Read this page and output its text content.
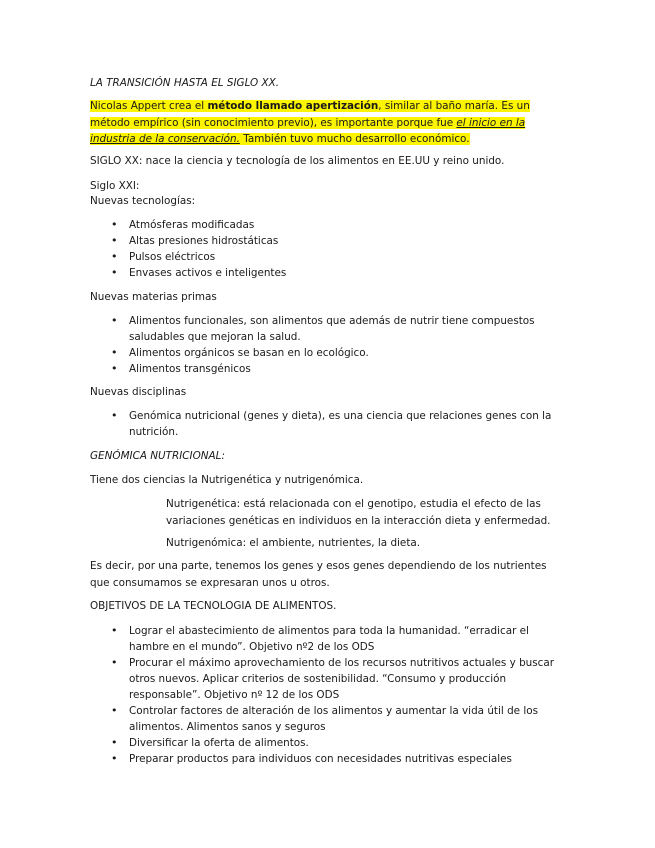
LA TRANSICIÓN HASTA EL SIGLO XX.

Nicolas Appert crea el método llamado apertización, similar al baño maría. Es un método empírico (sin conocimiento previo), es importante porque fue el inicio en la industria de la conservación. También tuvo mucho desarrollo económico.

SIGLO XX: nace la ciencia y tecnología de los alimentos en EE.UU y reino unido.

Siglo XXI:

Nuevas tecnologías:

• Atmósferas modificadas
• Altas presiones hidrostáticas
• Pulsos eléctricos
• Envases activos e inteligentes

Nuevas materias primas

• Alimentos funcionales, son alimentos que además de nutrir tiene compuestos saludables que mejoran la salud.
• Alimentos orgánicos se basan en lo ecológico.
• Alimentos transgénicos

Nuevas disciplinas

• Genómica nutricional (genes y dieta), es una ciencia que relaciones genes con la nutrición.

GENÓMICA NUTRICIONAL:

Tiene dos ciencias la Nutrigenética y nutrigenómica.

Nutrigenética: está relacionada con el genotipo, estudia el efecto de las variaciones genéticas en individuos en la interacción dieta y enfermedad.

Nutrigenómica: el ambiente, nutrientes, la dieta.

Es decir, por una parte, tenemos los genes y esos genes dependiendo de los nutrientes que consumamos se expresaran unos u otros.

OBJETIVOS DE LA TECNOLOGIA DE ALIMENTOS.

• Lograr el abastecimiento de alimentos para toda la humanidad. “erradicar el hambre en el mundo”. Objetivo nº2 de los ODS
• Procurar el máximo aprovechamiento de los recursos nutritivos actuales y buscar otros nuevos. Aplicar criterios de sostenibilidad. “Consumo y producción responsable”. Objetivo nº 12 de los ODS
• Controlar factores de alteración de los alimentos y aumentar la vida útil de los alimentos. Alimentos sanos y seguros
• Diversificar la oferta de alimentos.
• Preparar productos para individuos con necesidades nutritivas especiales
